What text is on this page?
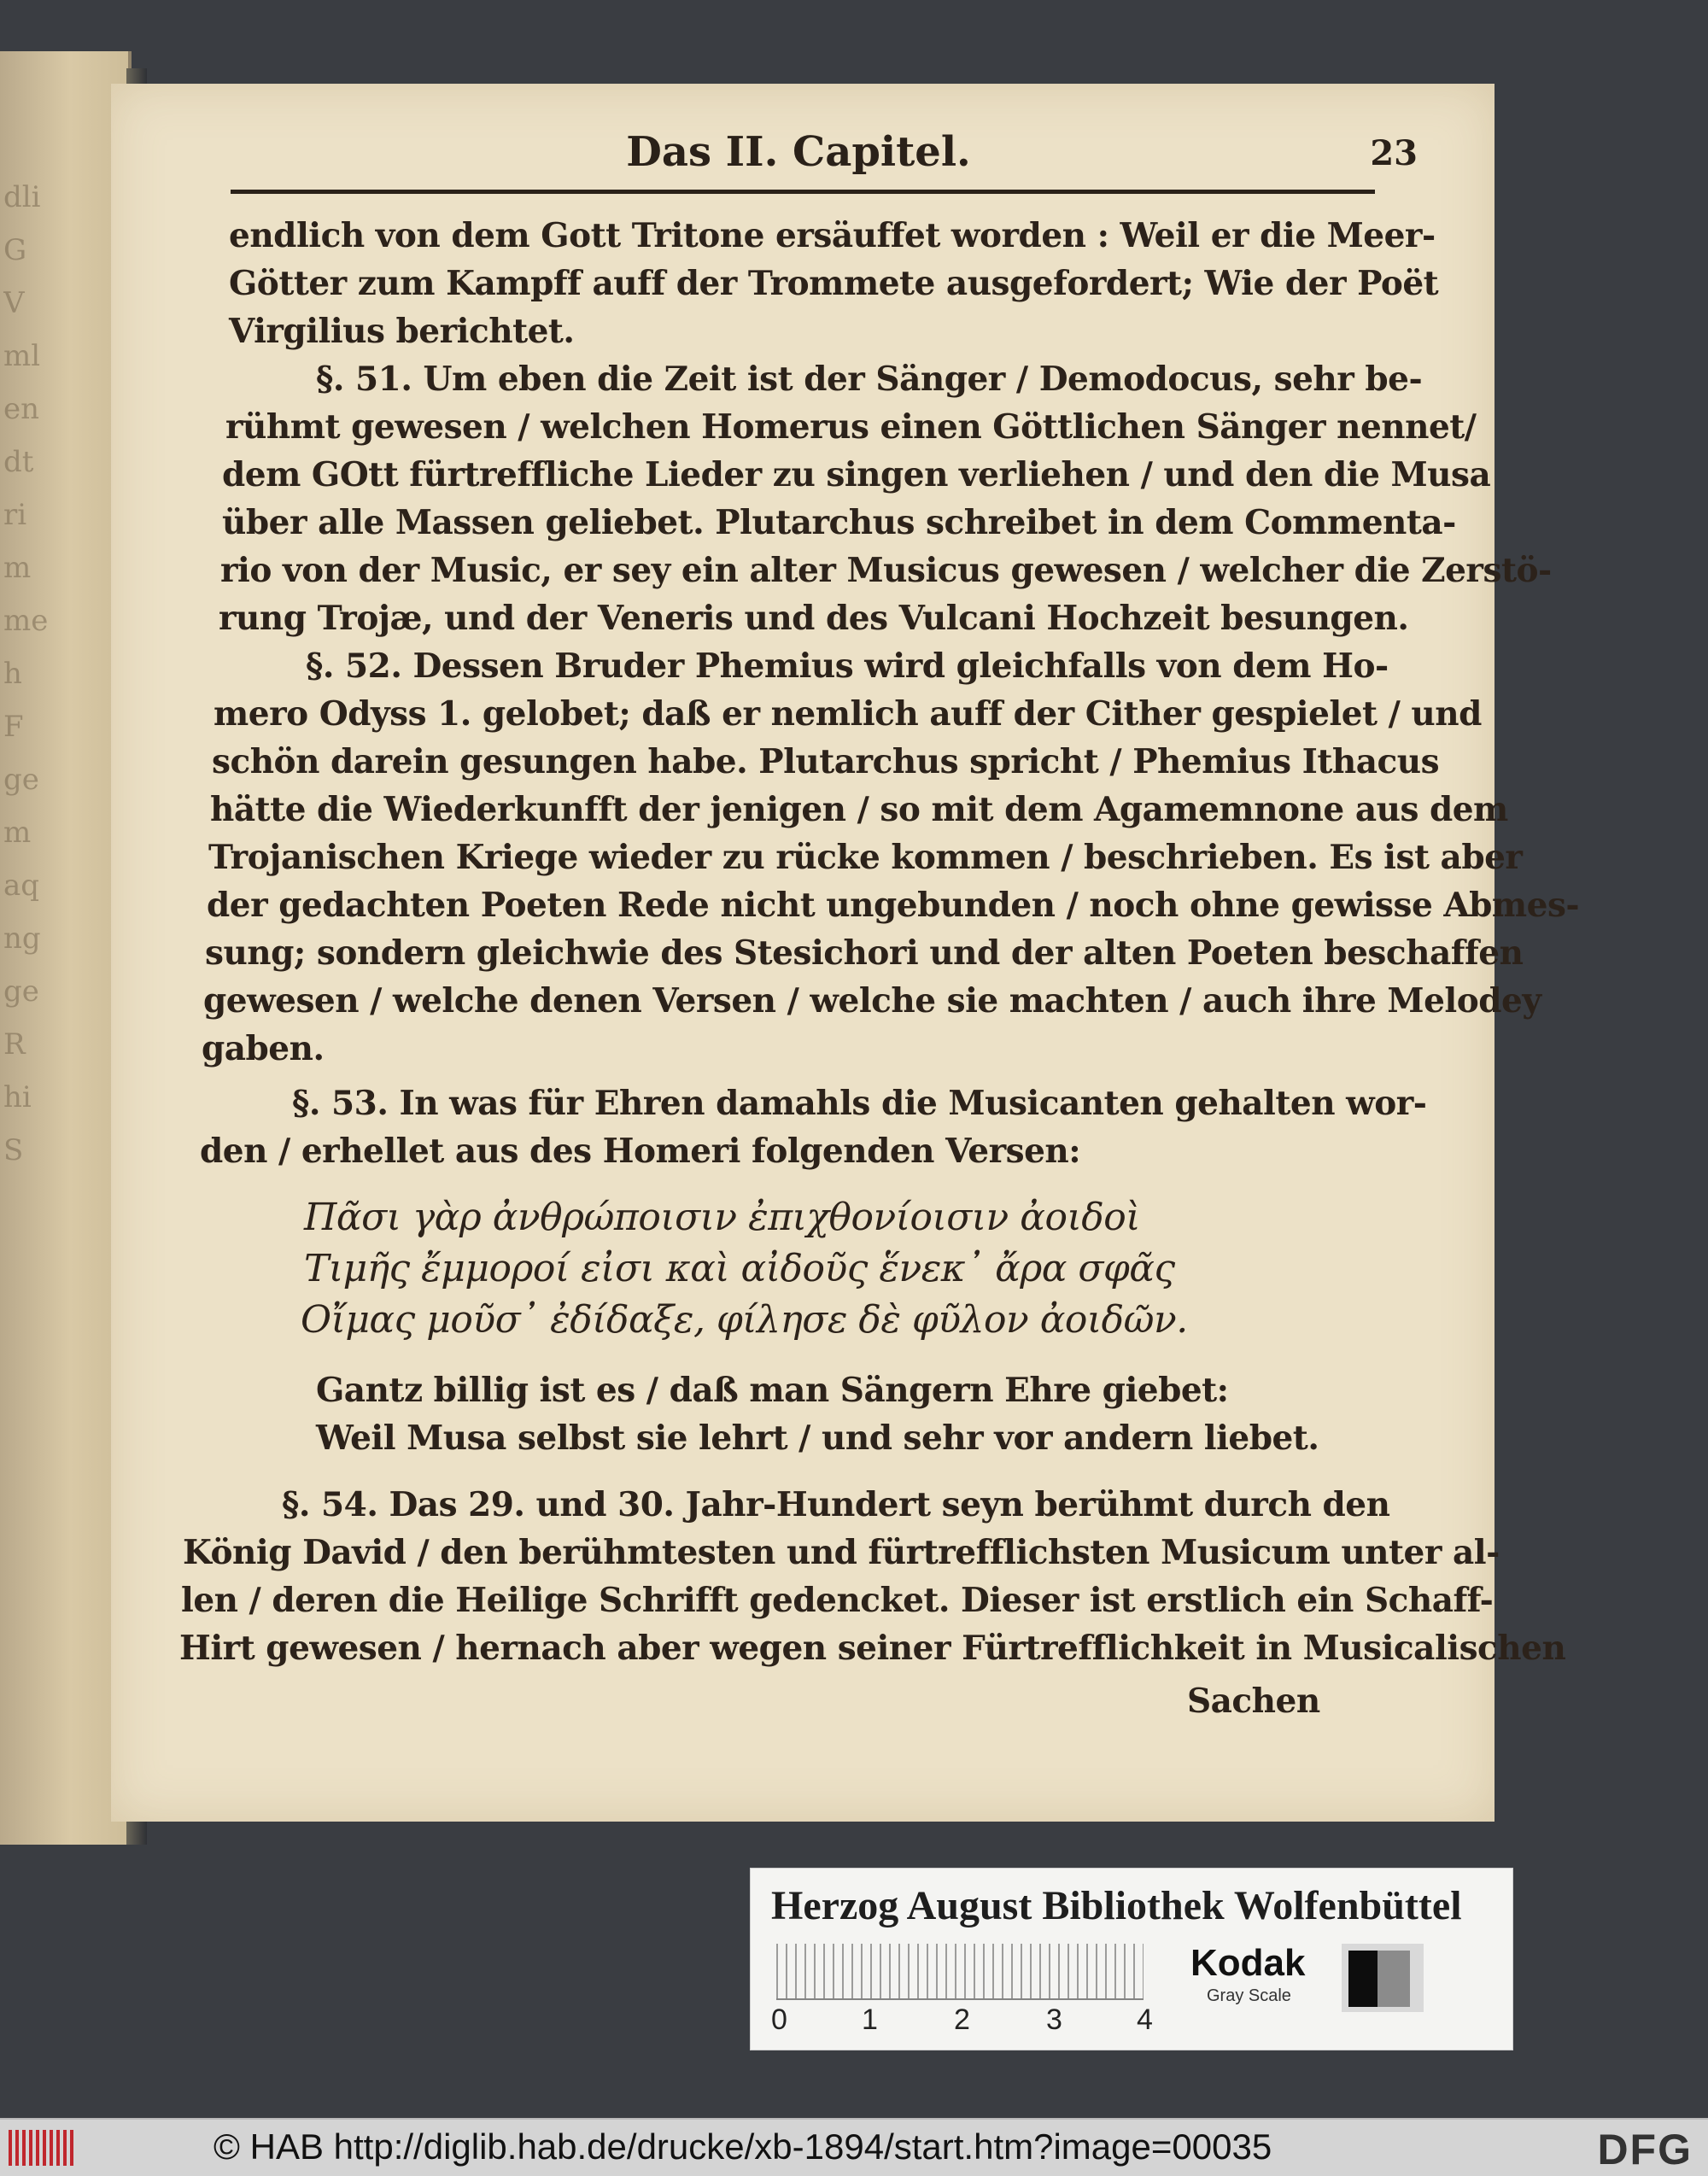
dli
G
V
ml
en
dt
ri
m
me
h
F
ge
m
aq
ng
ge
R
hi
S
Das II. Capitel.	23
endlich von dem Gott Tritone ersäuffet worden : Weil er die Meer-
Götter zum Kampff auff der Trommete ausgefordert; Wie der Poët
Virgilius berichtet.
§. 51. Um eben die Zeit ist der Sänger / Demodocus, sehr be-
rühmt gewesen / welchen Homerus einen Göttlichen Sänger nennet/
dem GOtt fürtreffliche Lieder zu singen verliehen / und den die Musa
über alle Massen geliebet. Plutarchus schreibet in dem Commenta-
rio von der Music, er sey ein alter Musicus gewesen / welcher die Zerstö-
rung Trojæ, und der Veneris und des Vulcani Hochzeit besungen.
§. 52. Dessen Bruder Phemius wird gleichfalls von dem Ho-
mero Odyss 1. gelobet; daß er nemlich auff der Cither gespielet / und
schön darein gesungen habe. Plutarchus spricht / Phemius Ithacus
hätte die Wiederkunfft der jenigen / so mit dem Agamemnone aus dem
Trojanischen Kriege wieder zu rücke kommen / beschrieben. Es ist aber
der gedachten Poeten Rede nicht ungebunden / noch ohne gewisse Abmes-
sung; sondern gleichwie des Stesichori und der alten Poeten beschaffen
gewesen / welche denen Versen / welche sie machten / auch ihre Melodey
gaben.
§. 53. In was für Ehren damahls die Musicanten gehalten wor-
den / erhellet aus des Homeri folgenden Versen:
Πᾶσι γὰρ ἀνθρώποισιν ἐπιχθονίοισιν ἀοιδοὶ
Τιμῆς ἔμμοροί εἰσι καὶ αἰδοῦς ἕνεκ᾽ ἄρα σφᾶς
Οἴμας μοῦσ᾽ ἐδίδαξε, φίλησε δὲ φῦλον ἀοιδῶν.
Gantz billig ist es / daß man Sängern Ehre giebet:
Weil Musa selbst sie lehrt / und sehr vor andern liebet.
§. 54. Das 29. und 30. Jahr-Hundert seyn berühmt durch den
König David / den berühmtesten und fürtrefflichsten Musicum unter al-
len / deren die Heilige Schrifft gedencket. Dieser ist erstlich ein Schaff-
Hirt gewesen / hernach aber wegen seiner Fürtrefflichkeit in Musicalischen
Sachen
Herzog August Bibliothek Wolfenbüttel
0	1	2	3	4
Kodak
Gray Scale
© HAB http://diglib.hab.de/drucke/xb-1894/start.htm?image=00035	DFG
